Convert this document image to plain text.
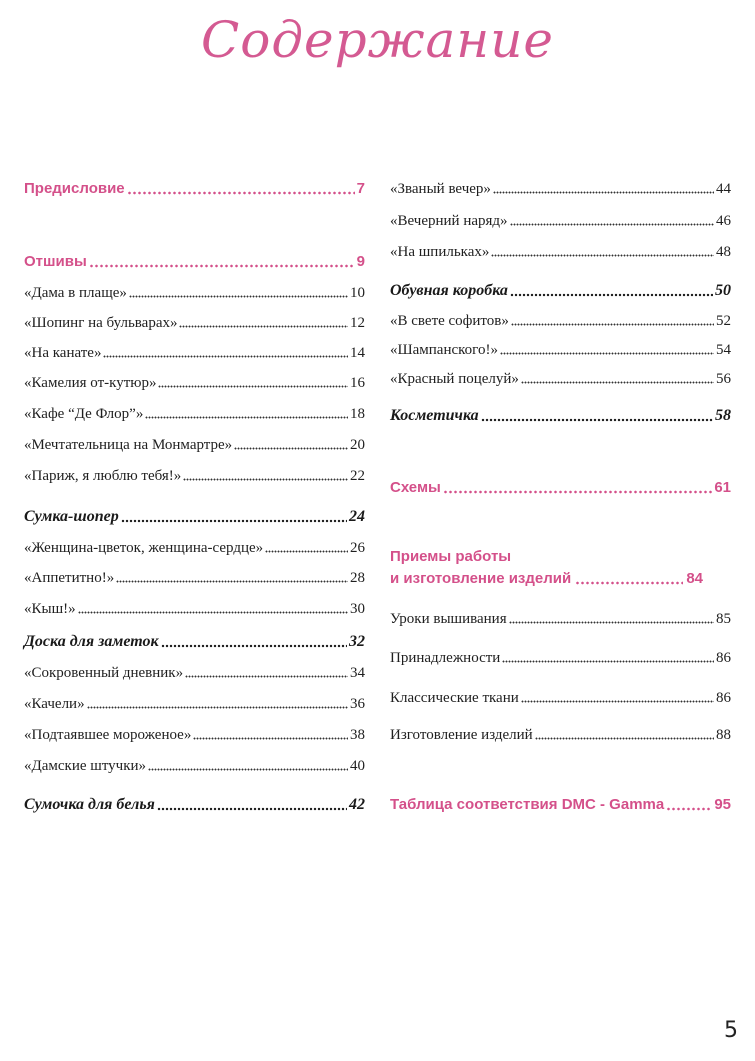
Содержание
Предисловие	7
Отшивы	9
«Дама в плаще»	10
«Шопинг на бульварах»	12
«На канате»	14
«Камелия от-кутюр»	16
«Кафе “Де Флор”»	18
«Мечтательница на Монмартре»	20
«Париж, я люблю тебя!»	22
Сумка-шопер	24
«Женщина-цветок, женщина-сердце»	26
«Аппетитно!»	28
«Кыш!»	30
Доска для заметок	32
«Сокровенный дневник»	34
«Качели»	36
«Подтаявшее мороженое»	38
«Дамские штучки»	40
Сумочка для белья	42
«Званый вечер»	44
«Вечерний наряд»	46
«На шпильках»	48
Обувная коробка	50
«В свете софитов»	52
«Шампанского!»	54
«Красный поцелуй»	56
Косметичка	58
Схемы	61
Приемы работы
и изготовление изделий	84
Уроки вышивания	85
Принадлежности	86
Классические ткани	86
Изготовление изделий	88
Таблица соответствия DMC - Gamma	95
5
